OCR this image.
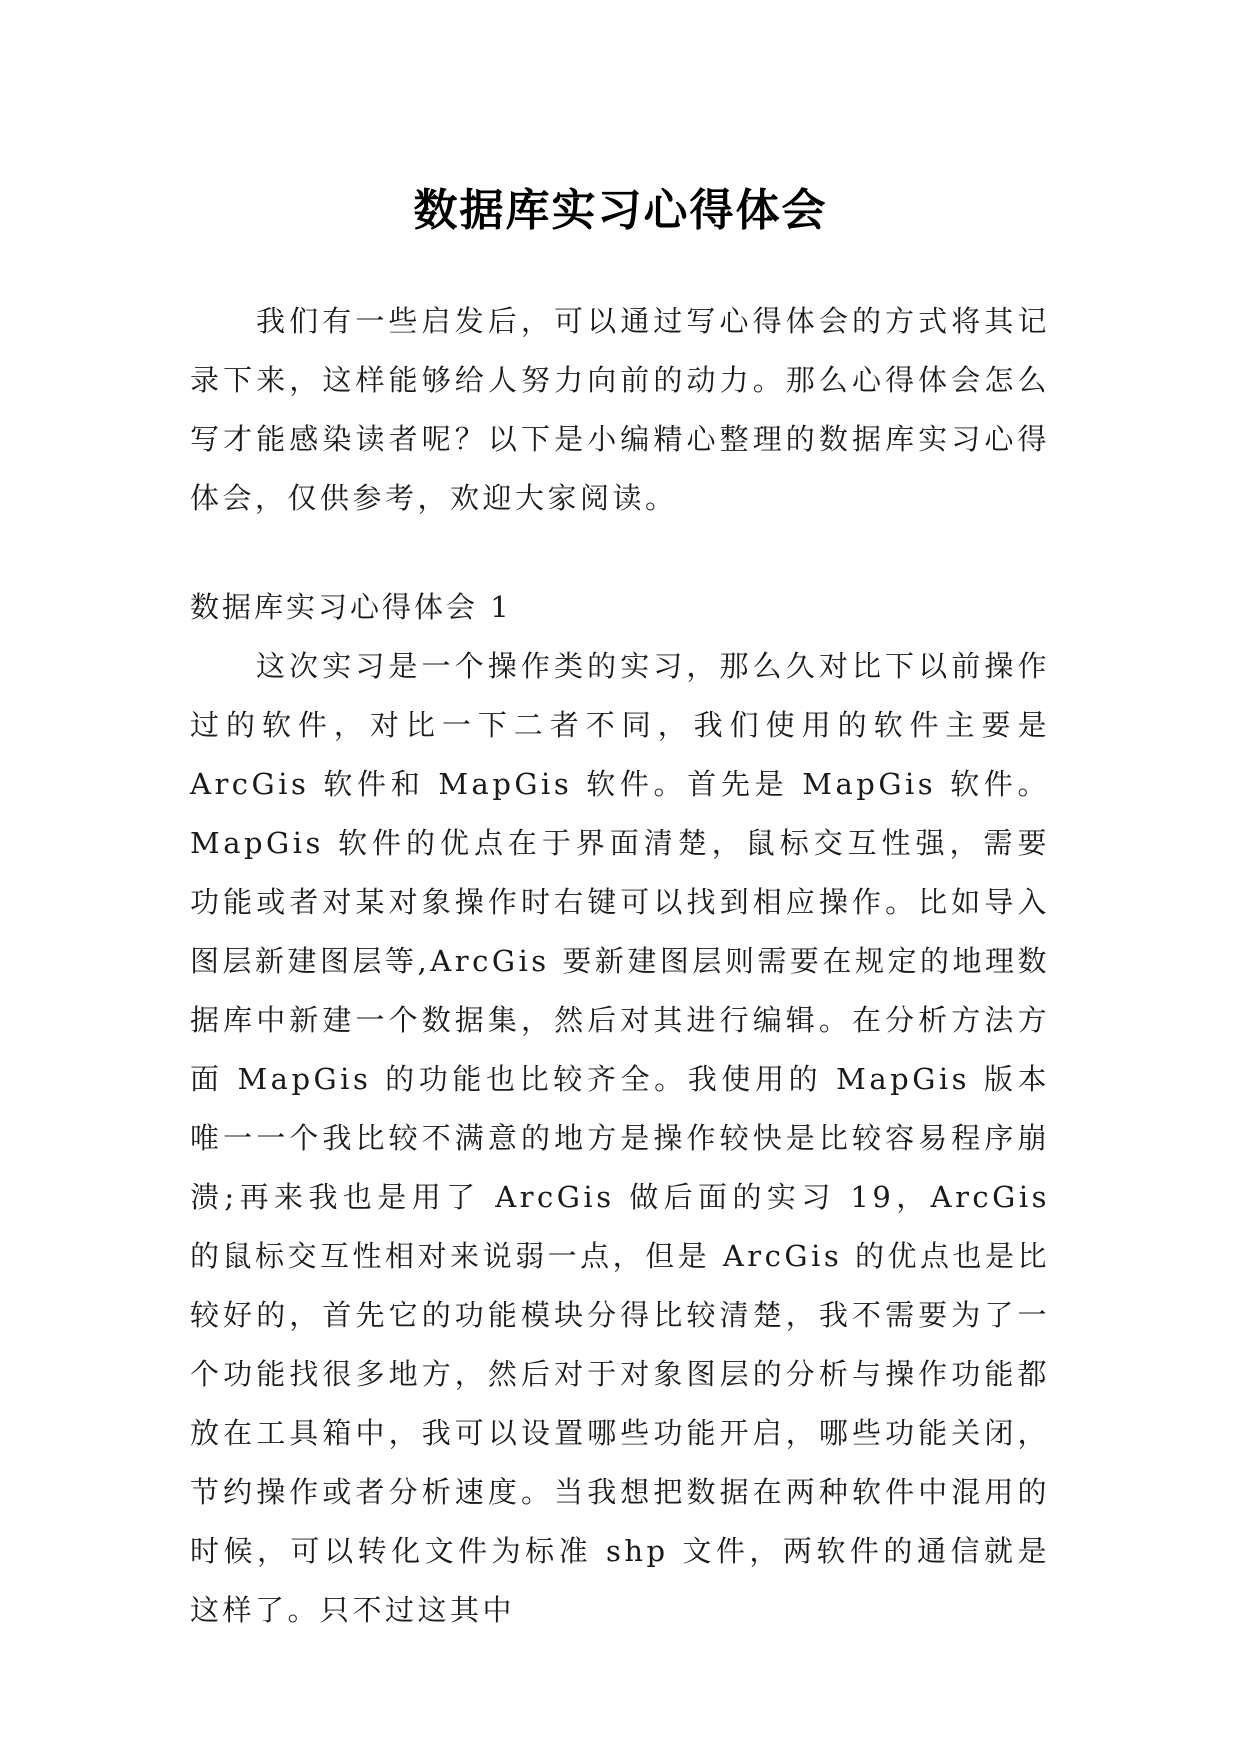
数据库实习心得体会

我们有一些启发后，可以通过写心得体会的方式将其记录下来，这样能够给人努力向前的动力。那么心得体会怎么写才能感染读者呢？以下是小编精心整理的数据库实习心得体会，仅供参考，欢迎大家阅读。

数据库实习心得体会 1

这次实习是一个操作类的实习，那么久对比下以前操作过的软件，对比一下二者不同，我们使用的软件主要是 ArcGis 软件和 MapGis 软件。首先是 MapGis 软件。MapGis 软件的优点在于界面清楚，鼠标交互性强，需要功能或者对某对象操作时右键可以找到相应操作。比如导入图层新建图层等,ArcGis 要新建图层则需要在规定的地理数据库中新建一个数据集，然后对其进行编辑。在分析方法方面 MapGis 的功能也比较齐全。我使用的 MapGis 版本唯一一个我比较不满意的地方是操作较快是比较容易程序崩溃;再来我也是用了 ArcGis 做后面的实习 19，ArcGis 的鼠标交互性相对来说弱一点，但是 ArcGis 的优点也是比较好的，首先它的功能模块分得比较清楚，我不需要为了一个功能找很多地方，然后对于对象图层的分析与操作功能都放在工具箱中，我可以设置哪些功能开启，哪些功能关闭，节约操作或者分析速度。当我想把数据在两种软件中混用的时候，可以转化文件为标准 shp 文件，两软件的通信就是这样了。只不过这其中
